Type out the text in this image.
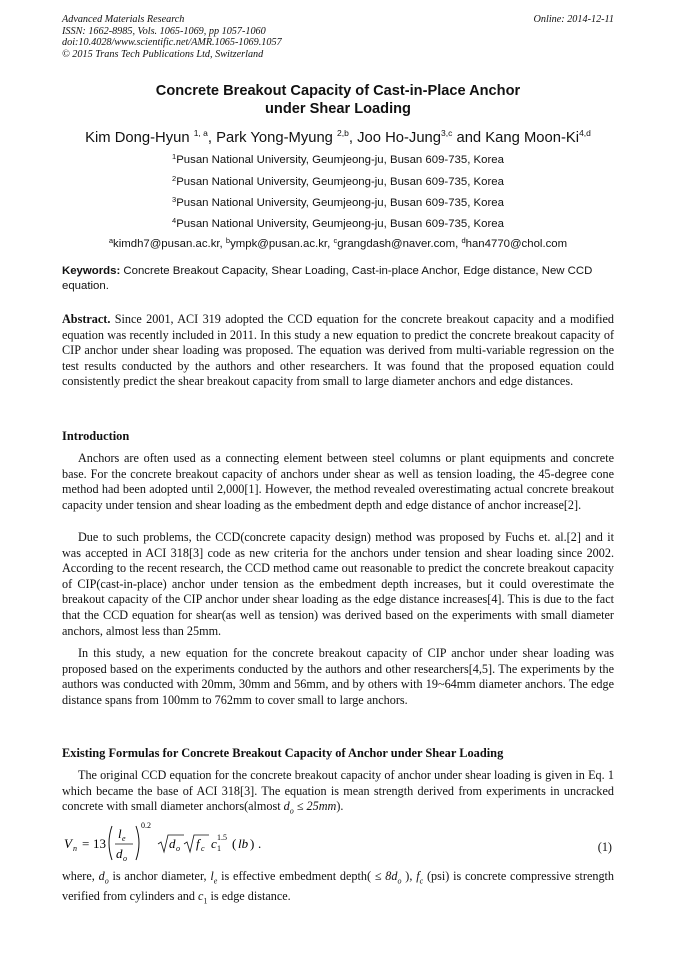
Advanced Materials Research
ISSN: 1662-8985, Vols. 1065-1069, pp 1057-1060
doi:10.4028/www.scientific.net/AMR.1065-1069.1057
© 2015 Trans Tech Publications Ltd, Switzerland
Online: 2014-12-11
Concrete Breakout Capacity of Cast-in-Place Anchor
under Shear Loading
Kim Dong-Hyun $^{1, a}$, Park Yong-Myung $^{2,b}$, Joo Ho-Jung$^{3,c}$ and Kang Moon-Ki$^{4,d}$
$^1$Pusan National University, Geumjeong-ju, Busan 609-735, Korea
$^2$Pusan National University, Geumjeong-ju, Busan 609-735, Korea
$^3$Pusan National University, Geumjeong-ju, Busan 609-735, Korea
$^4$Pusan National University, Geumjeong-ju, Busan 609-735, Korea
$^a$kimdh7@pusan.ac.kr, $^b$ympk@pusan.ac.kr, $^c$grangdash@naver.com, $^d$han4770@chol.com
Keywords: Concrete Breakout Capacity, Shear Loading, Cast-in-place Anchor, Edge distance, New CCD equation.
Abstract. Since 2001, ACI 319 adopted the CCD equation for the concrete breakout capacity and a modified equation was recently included in 2011. In this study a new equation to predict the concrete breakout capacity of CIP anchor under shear loading was proposed. The equation was derived from multi-variable regression on the test results conducted by the authors and other researchers. It was found that the proposed equation could consistently predict the shear breakout capacity from small to large diameter anchors and edge distances.
Introduction
Anchors are often used as a connecting element between steel columns or plant equipments and concrete base. For the concrete breakout capacity of anchors under shear as well as tension loading, the 45-degree cone method had been adopted until 2,000[1]. However, the method revealed overestimating actual concrete breakout capacity under tension and shear loading as the embedment depth and edge distance of anchor increase[2].
Due to such problems, the CCD(concrete capacity design) method was proposed by Fuchs et. al.[2] and it was accepted in ACI 318[3] code as new criteria for the anchors under tension and shear loading since 2002. According to the recent research, the CCD method came out reasonable to predict the concrete breakout capacity of CIP(cast-in-place) anchor under tension as the embedment depth increases, but it could overestimate the breakout capacity of the CIP anchor under shear loading as the edge distance increases[4]. This is due to the fact that the CCD equation for shear(as well as tension) was derived based on the experiments with small diameter anchors, almost less than 25mm.
In this study, a new equation for the concrete breakout capacity of CIP anchor under shear loading was proposed based on the experiments conducted by the authors and other researchers[4,5]. The experiments by the authors was conducted with 20mm, 30mm and 56mm, and by others with 19~64mm diameter anchors. The edge distance spans from 100mm to 762mm to cover small to large anchors.
Existing Formulas for Concrete Breakout Capacity of Anchor under Shear Loading
The original CCD equation for the concrete breakout capacity of anchor under shear loading is given in Eq. 1 which became the base of ACI 318[3]. The equation is mean strength derived from experiments in uncracked concrete with small diameter anchors(almost $d_o \le 25mm$).
V n = 13
l e
d o
0.2
d o f c c 1
1.5 ( lb ) .	(1)
where, $d_o$ is anchor diameter, $l_e$ is effective embedment depth( ≤ $8d_o$ ), $f_c$ (psi) is concrete compressive strength verified from cylinders and $c_1$ is edge distance.
